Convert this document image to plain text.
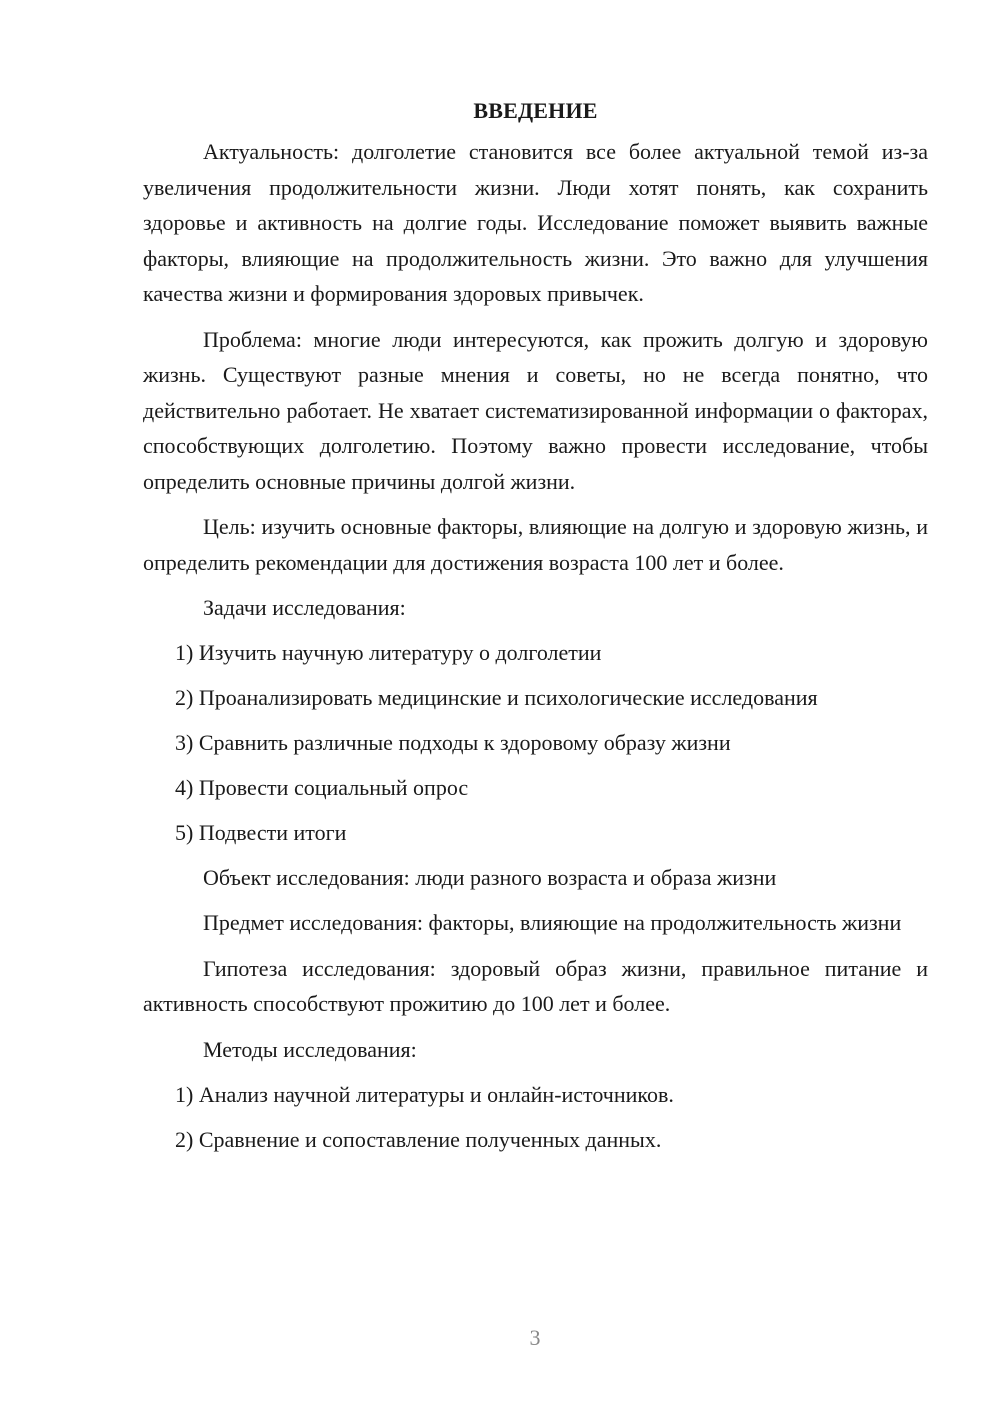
ВВЕДЕНИЕ

Актуальность: долголетие становится все более актуальной темой из-за увеличения продолжительности жизни. Люди хотят понять, как сохранить здоровье и активность на долгие годы. Исследование поможет выявить важные факторы, влияющие на продолжительность жизни. Это важно для улучшения качества жизни и формирования здоровых привычек.

Проблема: многие люди интересуются, как прожить долгую и здоровую жизнь. Существуют разные мнения и советы, но не всегда понятно, что действительно работает. Не хватает систематизированной информации о факторах, способствующих долголетию. Поэтому важно провести исследование, чтобы определить основные причины долгой жизни.

Цель: изучить основные факторы, влияющие на долгую и здоровую жизнь, и определить рекомендации для достижения возраста 100 лет и более.

Задачи исследования:

1) Изучить научную литературу о долголетии
2) Проанализировать медицинские и психологические исследования
3) Сравнить различные подходы к здоровому образу жизни
4) Провести социальный опрос
5) Подвести итоги

Объект исследования: люди разного возраста и образа жизни

Предмет исследования: факторы, влияющие на продолжительность жизни

Гипотеза исследования: здоровый образ жизни, правильное питание и активность способствуют прожитию до 100 лет и более.

Методы исследования:

1) Анализ научной литературы и онлайн-источников.
2) Сравнение и сопоставление полученных данных.
3
